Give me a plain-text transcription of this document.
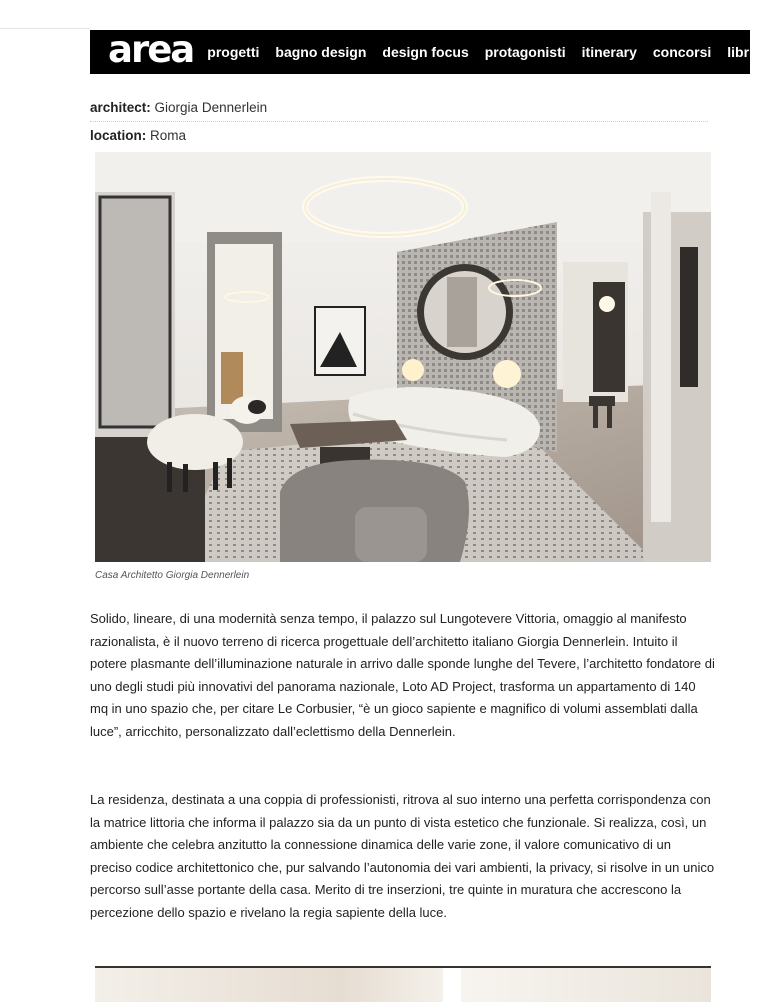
area progetti bagno design design focus protagonisti itinerary concorsi libri
architect: Giorgia Dennerlein
location: Roma
Casa Architetto Giorgia Dennerlein

Solido, lineare, di una modernità senza tempo, il palazzo sul Lungotevere Vittoria, omaggio al manifesto razionalista, è il nuovo terreno di ricerca progettuale dell’architetto italiano Giorgia Dennerlein. Intuito il potere plasmante dell’illuminazione naturale in arrivo dalle sponde lunghe del Tevere, l’architetto fondatore di uno degli studi più innovativi del panorama nazionale, Loto AD Project, trasforma un appartamento di 140 mq in uno spazio che, per citare Le Corbusier, “è un gioco sapiente e magnifico di volumi assemblati dalla luce”, arricchito, personalizzato dall’eclettismo della Dennerlein.

La residenza, destinata a una coppia di professionisti, ritrova al suo interno una perfetta corrispondenza con la matrice littoria che informa il palazzo sia da un punto di vista estetico che funzionale. Si realizza, così, un ambiente che celebra anzitutto la connessione dinamica delle varie zone, il valore comunicativo di un preciso codice architettonico che, pur salvando l’autonomia dei vari ambienti, la privacy, si risolve in un unico percorso sull’asse portante della casa. Merito di tre inserzioni, tre quinte in muratura che accrescono la percezione dello spazio e rivelano la regia sapiente della luce.
